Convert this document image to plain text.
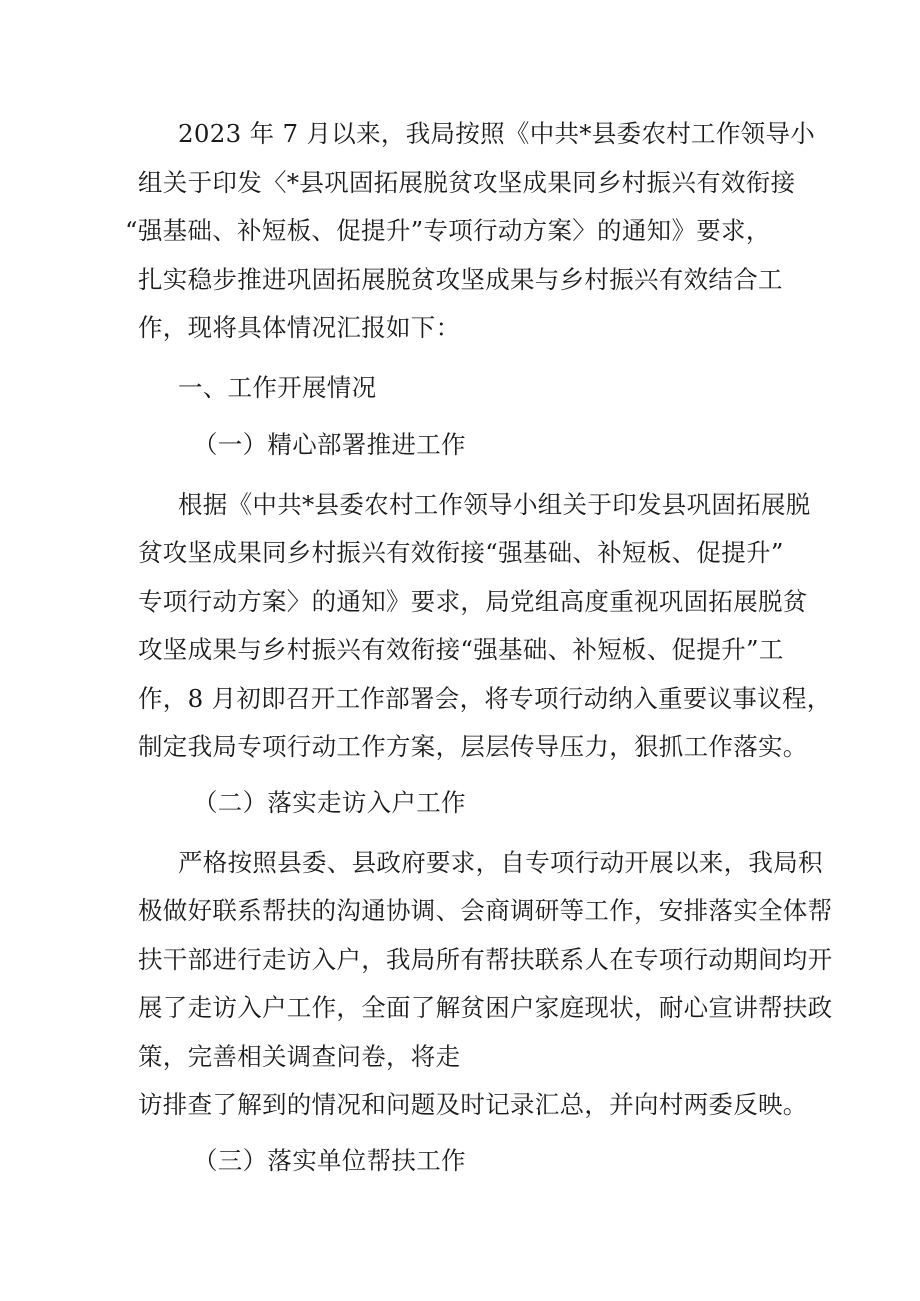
2023 年 7 月以来，我局按照《中共*县委农村工作领导小
组关于印发〈*县巩固拓展脱贫攻坚成果同乡村振兴有效衔接
“强基础、补短板、促提升”专项行动方案〉的通知》要求，
扎实稳步推进巩固拓展脱贫攻坚成果与乡村振兴有效结合工
作，现将具体情况汇报如下：
一、工作开展情况
（一）精心部署推进工作
根据《中共*县委农村工作领导小组关于印发县巩固拓展脱
贫攻坚成果同乡村振兴有效衔接“强基础、补短板、促提升”
专项行动方案〉的通知》要求，局党组高度重视巩固拓展脱贫
攻坚成果与乡村振兴有效衔接“强基础、补短板、促提升”工
作，8 月初即召开工作部署会，将专项行动纳入重要议事议程，
制定我局专项行动工作方案，层层传导压力，狠抓工作落实。
（二）落实走访入户工作
严格按照县委、县政府要求，自专项行动开展以来，我局积
极做好联系帮扶的沟通协调、会商调研等工作，安排落实全体帮
扶干部进行走访入户，我局所有帮扶联系人在专项行动期间均开
展了走访入户工作，全面了解贫困户家庭现状，耐心宣讲帮扶政
策，完善相关调查问卷，将走
访排查了解到的情况和问题及时记录汇总，并向村两委反映。
（三）落实单位帮扶工作
